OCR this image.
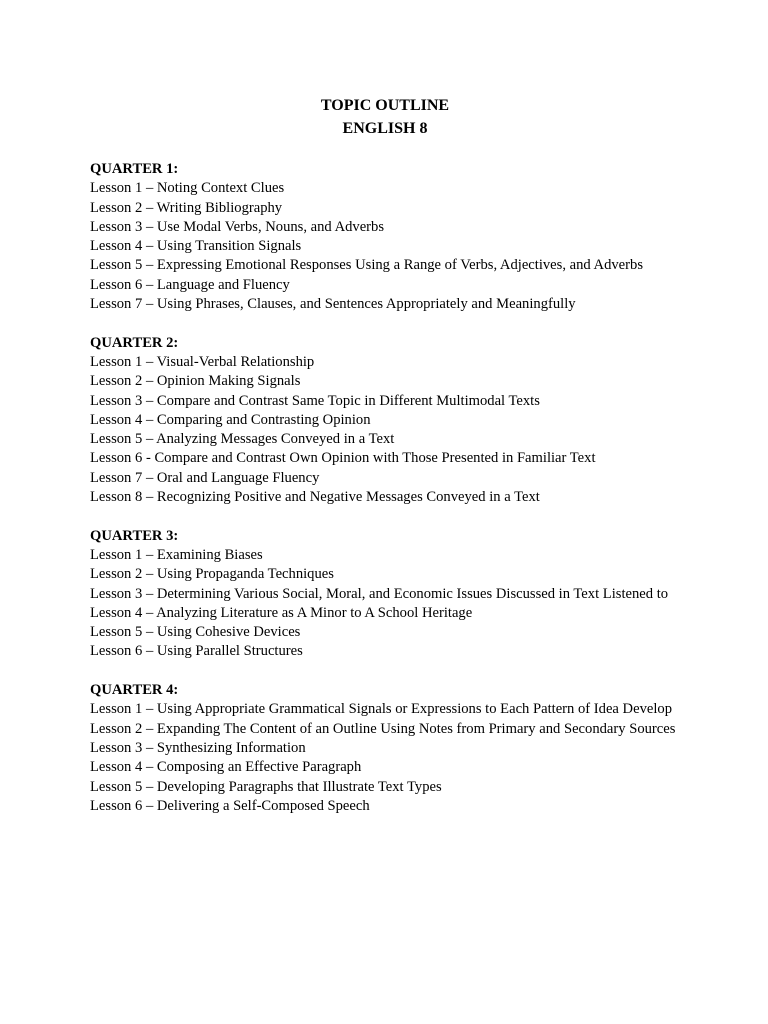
TOPIC OUTLINE
ENGLISH 8
QUARTER 1:
Lesson 1 – Noting Context Clues
Lesson 2 – Writing Bibliography
Lesson 3 – Use Modal Verbs, Nouns, and Adverbs
Lesson 4 – Using Transition Signals
Lesson 5 – Expressing Emotional Responses Using a Range of Verbs, Adjectives, and Adverbs
Lesson 6 – Language and Fluency
Lesson 7 – Using Phrases, Clauses, and Sentences Appropriately and Meaningfully
QUARTER 2:
Lesson 1 – Visual-Verbal Relationship
Lesson 2 – Opinion Making Signals
Lesson 3 – Compare and Contrast Same Topic in Different Multimodal Texts
Lesson 4 – Comparing and Contrasting Opinion
Lesson 5 – Analyzing Messages Conveyed in a Text
Lesson 6 - Compare and Contrast Own Opinion with Those Presented in Familiar Text
Lesson 7 – Oral and Language Fluency
Lesson 8 – Recognizing Positive and Negative Messages Conveyed in a Text
QUARTER 3:
Lesson 1 – Examining Biases
Lesson 2 – Using Propaganda Techniques
Lesson 3 – Determining Various Social, Moral, and Economic Issues Discussed in Text Listened to
Lesson 4 – Analyzing Literature as A Minor to A School Heritage
Lesson 5 – Using Cohesive Devices
Lesson 6 – Using Parallel Structures
QUARTER 4:
Lesson 1 – Using Appropriate Grammatical Signals or Expressions to Each Pattern of Idea Develop
Lesson 2 – Expanding The Content of an Outline Using Notes from Primary and Secondary Sources
Lesson 3 – Synthesizing Information
Lesson 4 – Composing an Effective Paragraph
Lesson 5 – Developing Paragraphs that Illustrate Text Types
Lesson 6 – Delivering a Self-Composed Speech
